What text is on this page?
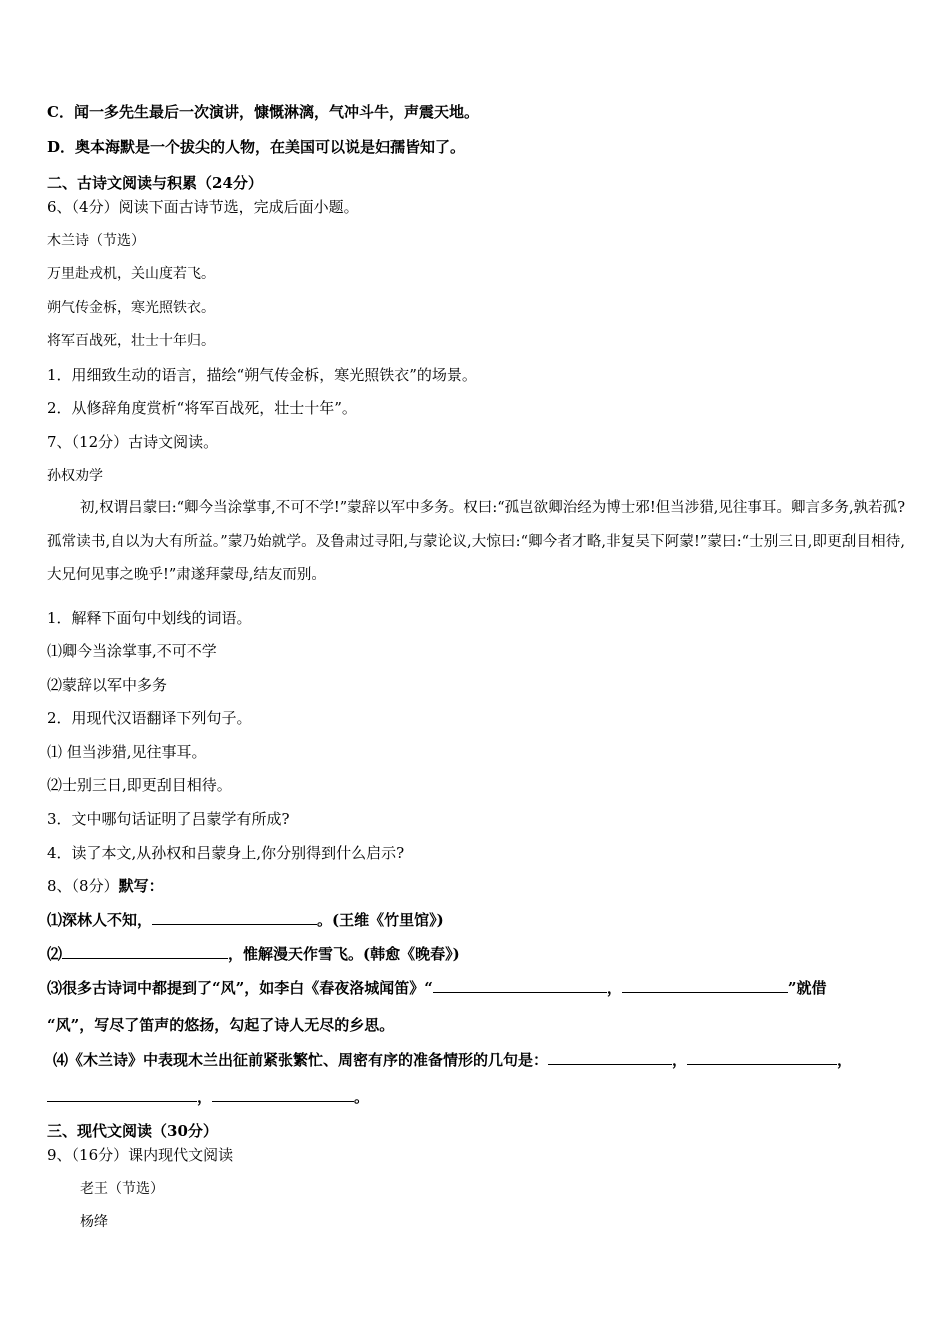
C．闻一多先生最后一次演讲，慷慨淋漓，气冲斗牛，声震天地。
D．奥本海默是一个拔尖的人物，在美国可以说是妇孺皆知了。
二、古诗文阅读与积累（24分）
6、（4分）阅读下面古诗节选，完成后面小题。
木兰诗（节选）
万里赴戎机，关山度若飞。
朔气传金柝，寒光照铁衣。
将军百战死，壮士十年归。
1．用细致生动的语言，描绘“朔气传金柝，寒光照铁衣”的场景。
2．从修辞角度赏析“将军百战死，壮士十年”。
7、（12分）古诗文阅读。
孙权劝学
初,权谓吕蒙曰:“卿今当涂掌事,不可不学!”蒙辞以军中多务。权曰:“孤岂欲卿治经为博士邪!但当涉猎,见往事耳。卿言多务,孰若孤?孤常读书,自以为大有所益。”蒙乃始就学。及鲁肃过寻阳,与蒙论议,大惊曰:“卿今者才略,非复吴下阿蒙!”蒙曰:“士别三日,即更刮目相待,大兄何见事之晚乎!”肃遂拜蒙母,结友而别。
1．解释下面句中划线的词语。
⑴卿今当涂掌事,不可不学
⑵蒙辞以军中多务
2．用现代汉语翻译下列句子。
⑴ 但当涉猎,见往事耳。
⑵士别三日,即更刮目相待。
3．文中哪句话证明了吕蒙学有所成?
4．读了本文,从孙权和吕蒙身上,你分别得到什么启示?
8、（8分）默写：
⑴深林人不知，	。(王维《竹里馆》)
⑵	，惟解漫天作雪飞。(韩愈《晚春》)
⑶很多古诗词中都提到了“风”，如李白《春夜洛城闻笛》“	，	”就借
“风”，写尽了笛声的悠扬，勾起了诗人无尽的乡思。
⑷《木兰诗》中表现木兰出征前紧张繁忙、周密有序的准备情形的几句是：	，	，
，	。
三、现代文阅读（30分）
9、（16分）课内现代文阅读
老王（节选）
杨绛
